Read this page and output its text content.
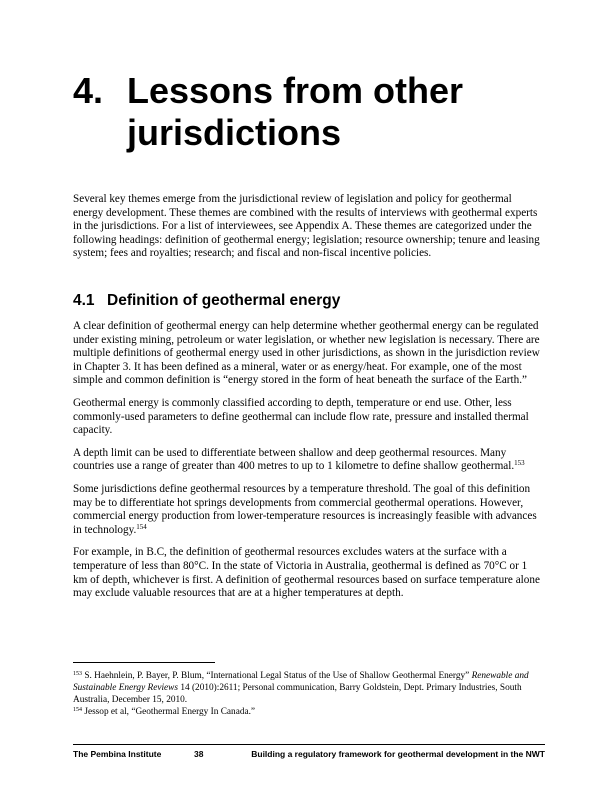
4. Lessons from other jurisdictions

Several key themes emerge from the jurisdictional review of legislation and policy for geothermal energy development. These themes are combined with the results of interviews with geothermal experts in the jurisdictions. For a list of interviewees, see Appendix A. These themes are categorized under the following headings: definition of geothermal energy; legislation; resource ownership; tenure and leasing system; fees and royalties; research; and fiscal and non-fiscal incentive policies.

4.1 Definition of geothermal energy

A clear definition of geothermal energy can help determine whether geothermal energy can be regulated under existing mining, petroleum or water legislation, or whether new legislation is necessary. There are multiple definitions of geothermal energy used in other jurisdictions, as shown in the jurisdiction review in Chapter 3. It has been defined as a mineral, water or as energy/heat. For example, one of the most simple and common definition is “energy stored in the form of heat beneath the surface of the Earth.”

Geothermal energy is commonly classified according to depth, temperature or end use. Other, less commonly-used parameters to define geothermal can include flow rate, pressure and installed thermal capacity.

A depth limit can be used to differentiate between shallow and deep geothermal resources. Many countries use a range of greater than 400 metres to up to 1 kilometre to define shallow geothermal.$^{153}$

Some jurisdictions define geothermal resources by a temperature threshold. The goal of this definition may be to differentiate hot springs developments from commercial geothermal operations. However, commercial energy production from lower-temperature resources is increasingly feasible with advances in technology.$^{154}$

For example, in B.C, the definition of geothermal resources excludes waters at the surface with a temperature of less than 80°C. In the state of Victoria in Australia, geothermal is defined as 70°C or 1 km of depth, whichever is first. A definition of geothermal resources based on surface temperature alone may exclude valuable resources that are at a higher temperatures at depth.

$^{153}$ S. Haehnlein, P. Bayer, P. Blum, “International Legal Status of the Use of Shallow Geothermal Energy” Renewable and Sustainable Energy Reviews 14 (2010):2611; Personal communication, Barry Goldstein, Dept. Primary Industries, South Australia, December 15, 2010.

$^{154}$ Jessop et al, “Geothermal Energy In Canada.”

The Pembina Institute	38	Building a regulatory framework for geothermal development in the NWT
